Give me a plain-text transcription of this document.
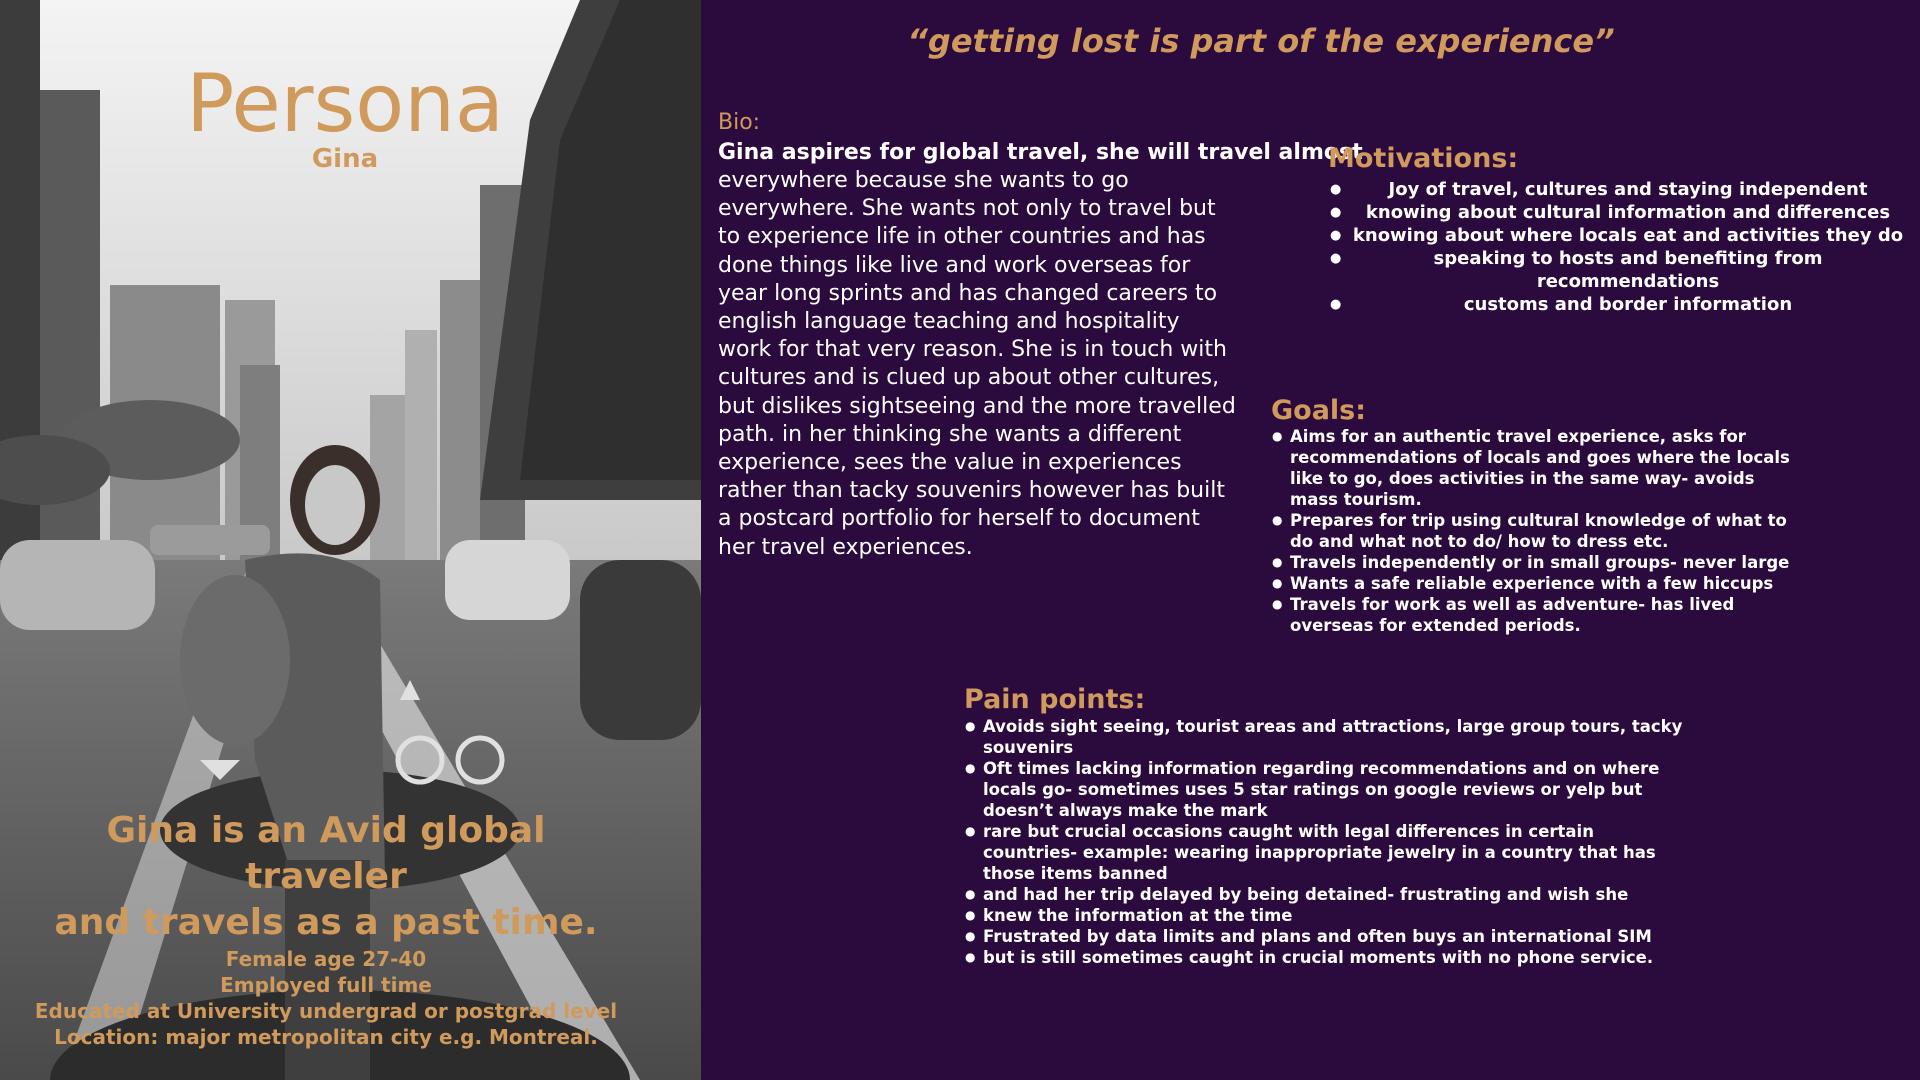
Persona
Gina
Gina is an Avid global traveler
and travels as a past time.
Female age 27-40
Employed full time
Educated at University undergrad or postgrad level
Location: major metropolitan city e.g. Montreal.
“getting lost is part of the experience”
Bio:
Gina aspires for global travel, she will travel almost
everywhere because she wants to go everywhere. She wants not only to travel but to experience life in other countries and has done things like live and work overseas for year long sprints and has changed careers to english language teaching and hospitality work for that very reason. She is in touch with cultures and is clued up about other cultures, but dislikes sightseeing and the more travelled path. in her thinking she wants a different experience, sees the value in experiences rather than tacky souvenirs however has built a postcard portfolio for herself to document her travel experiences.
Motivations:
● Joy of travel, cultures and staying independent
● knowing about cultural information and differences
● knowing about where locals eat and activities they do
● speaking to hosts and benefiting from recommendations
● customs and border information
Goals:
● Aims for an authentic travel experience, asks for recommendations of locals and goes where the locals like to go, does activities in the same way- avoids mass tourism.
● Prepares for trip using cultural knowledge of what to do and what not to do/ how to dress etc.
● Travels independently or in small groups- never large
● Wants a safe reliable experience with a few hiccups
● Travels for work as well as adventure- has lived overseas for extended periods.
Pain points:
● Avoids sight seeing, tourist areas and attractions, large group tours, tacky souvenirs
● Oft times lacking information regarding recommendations and on where locals go- sometimes uses 5 star ratings on google reviews or yelp but doesn’t always make the mark
● rare but crucial occasions caught with legal differences in certain countries- example: wearing inappropriate jewelry in a country that has those items banned
● and had her trip delayed by being detained- frustrating and wish she
● knew the information at the time
● Frustrated by data limits and plans and often buys an international SIM
● but is still sometimes caught in crucial moments with no phone service.
